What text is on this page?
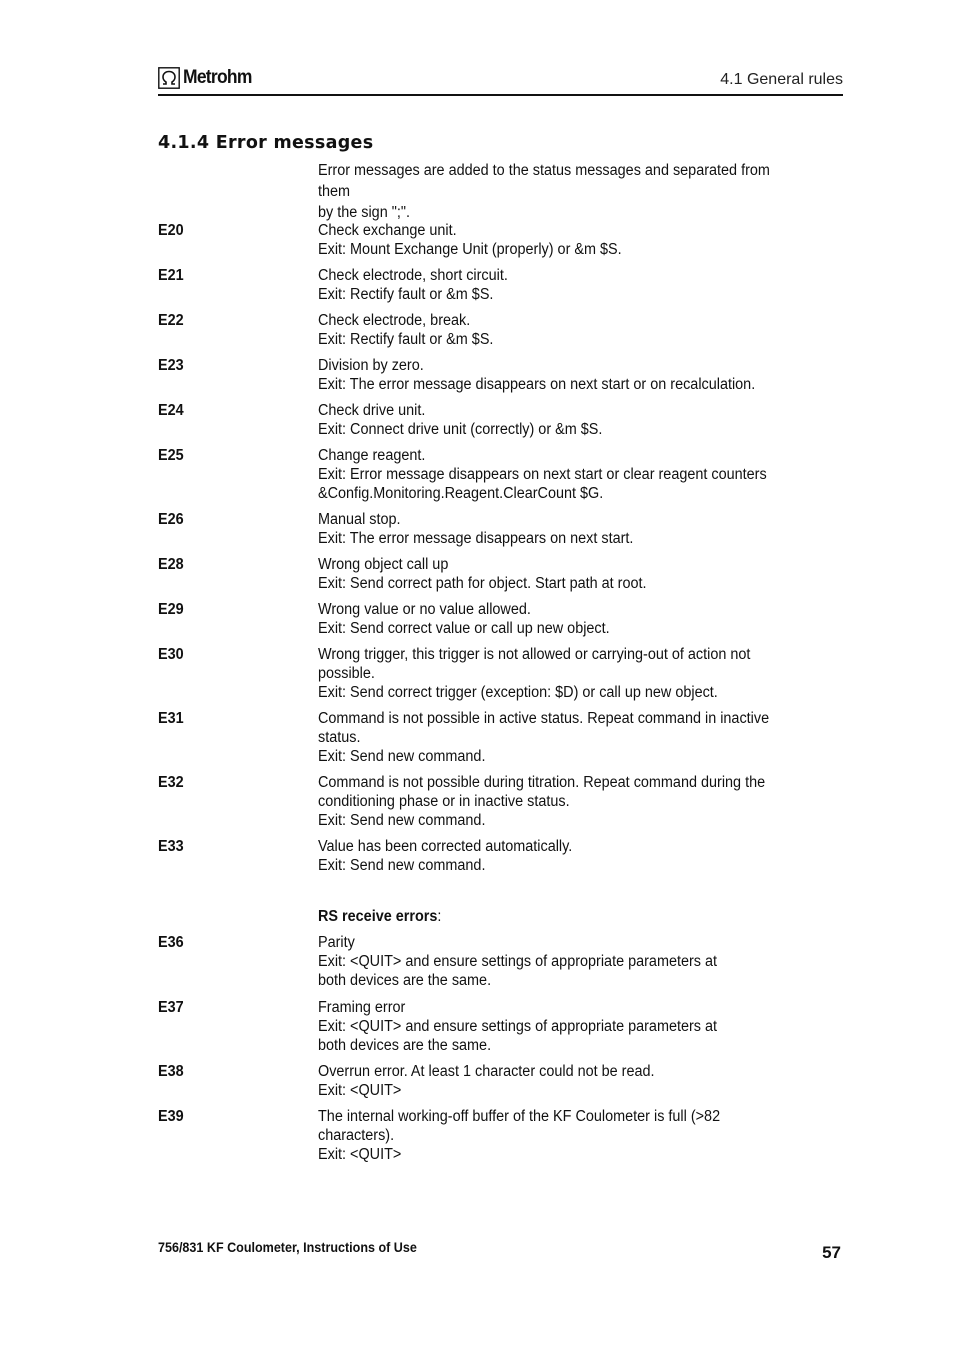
Metrohm	4.1 General rules
4.1.4 Error messages
Error messages are added to the status messages and separated from them
by the sign ";".
E20	Check exchange unit.
Exit: Mount Exchange Unit (properly) or &m $S.
E21	Check electrode, short circuit.
Exit: Rectify fault or &m $S.
E22	Check electrode, break.
Exit: Rectify fault or &m $S.
E23	Division by zero.
Exit: The error message disappears on next start or on recalculation.
E24	Check drive unit.
Exit: Connect drive unit (correctly) or &m $S.
E25	Change reagent.
Exit: Error message disappears on next start or clear reagent counters
&Config.Monitoring.Reagent.ClearCount $G.
E26	Manual stop.
Exit: The error message disappears on next start.
E28	Wrong object call up
Exit: Send correct path for object. Start path at root.
E29	Wrong value or no value allowed.
Exit: Send correct value or call up new object.
E30	Wrong trigger, this trigger is not allowed or carrying-out of action not
possible.
Exit: Send correct trigger (exception: $D) or call up new object.
E31	Command is not possible in active status. Repeat command in inactive
status.
Exit: Send new command.
E32	Command is not possible during titration. Repeat command during the
conditioning phase or in inactive status.
Exit: Send new command.
E33	Value has been corrected automatically.
Exit: Send new command.
RS receive errors:
E36	Parity
Exit: <QUIT> and ensure settings of appropriate parameters at
both devices are the same.
E37	Framing error
Exit: <QUIT> and ensure settings of appropriate parameters at
both devices are the same.
E38	Overrun error. At least 1 character could not be read.
Exit: <QUIT>
E39	The internal working-off buffer of the KF Coulometer is full (>82
characters).
Exit: <QUIT>
756/831 KF Coulometer, Instructions of Use	57
